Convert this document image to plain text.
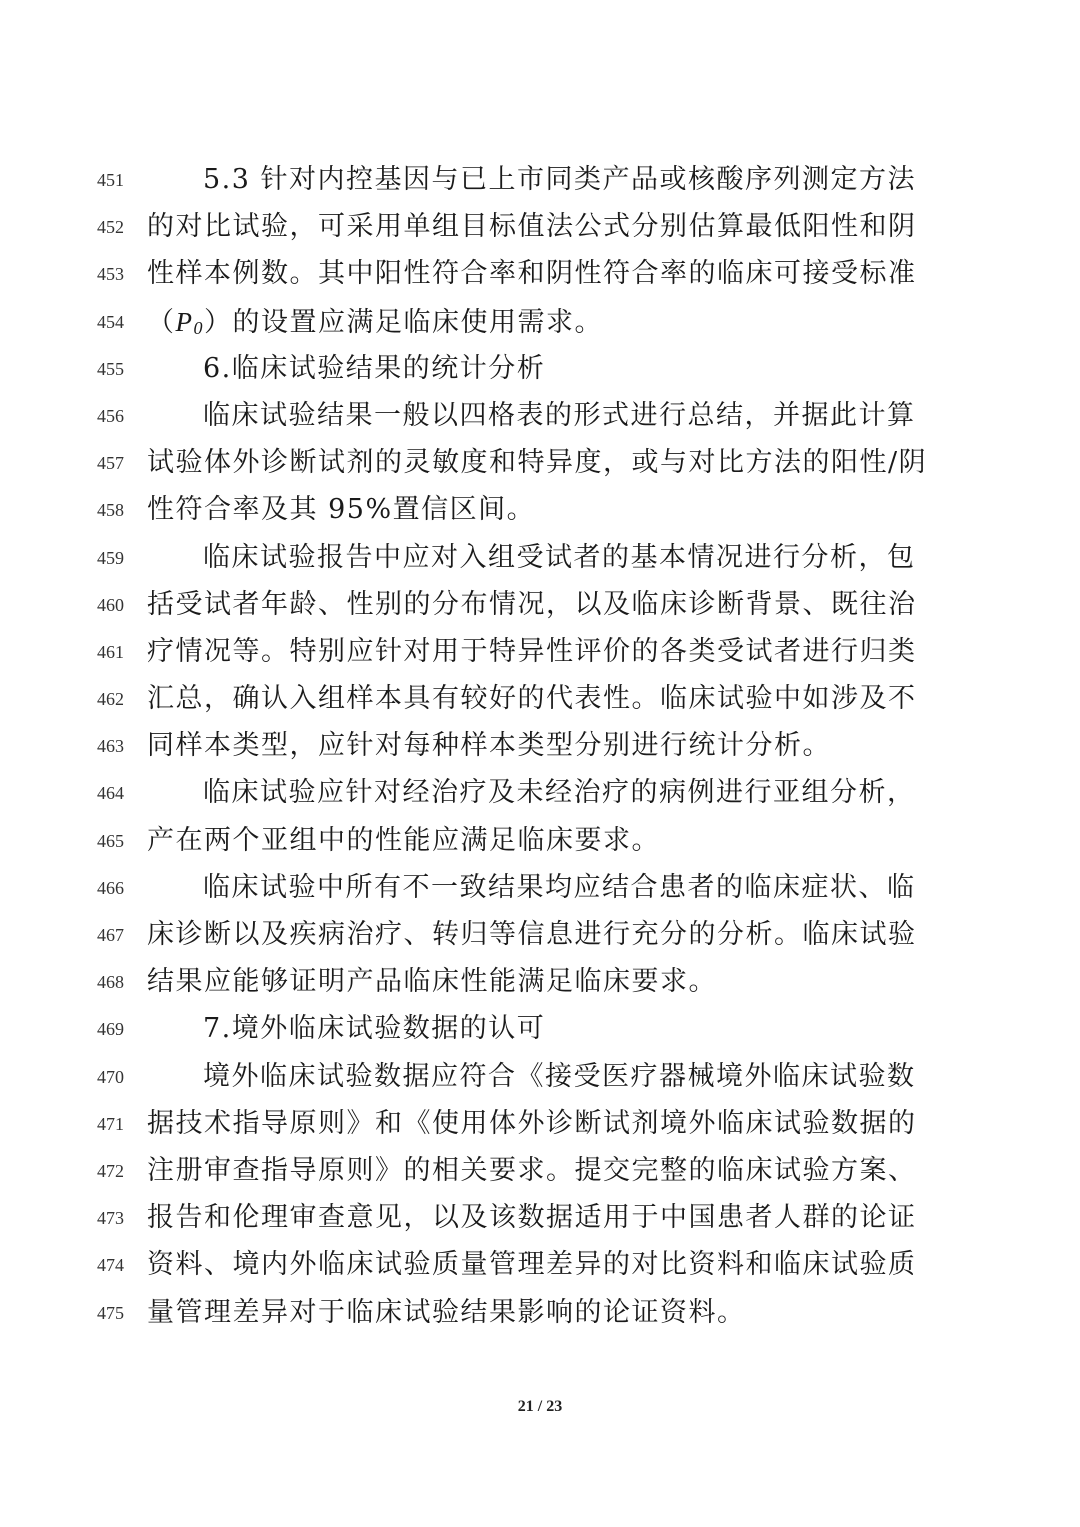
451	5.3 针对内控基因与已上市同类产品或核酸序列测定方法
452 的对比试验，可采用单组目标值法公式分别估算最低阳性和阴
453 性样本例数。其中阳性符合率和阴性符合率的临床可接受标准
454 （P0）的设置应满足临床使用需求。
455	6.临床试验结果的统计分析
456	临床试验结果一般以四格表的形式进行总结，并据此计算
457 试验体外诊断试剂的灵敏度和特异度，或与对比方法的阳性/阴
458 性符合率及其 95%置信区间。
459	临床试验报告中应对入组受试者的基本情况进行分析，包
460 括受试者年龄、性别的分布情况，以及临床诊断背景、既往治
461 疗情况等。特别应针对用于特异性评价的各类受试者进行归类
462 汇总，确认入组样本具有较好的代表性。临床试验中如涉及不
463 同样本类型，应针对每种样本类型分别进行统计分析。
464	临床试验应针对经治疗及未经治疗的病例进行亚组分析，
465 产在两个亚组中的性能应满足临床要求。
466	临床试验中所有不一致结果均应结合患者的临床症状、临
467 床诊断以及疾病治疗、转归等信息进行充分的分析。临床试验
468 结果应能够证明产品临床性能满足临床要求。
469	7.境外临床试验数据的认可
470	境外临床试验数据应符合《接受医疗器械境外临床试验数
471 据技术指导原则》和《使用体外诊断试剂境外临床试验数据的
472 注册审查指导原则》的相关要求。提交完整的临床试验方案、
473 报告和伦理审查意见，以及该数据适用于中国患者人群的论证
474 资料、境内外临床试验质量管理差异的对比资料和临床试验质
475 量管理差异对于临床试验结果影响的论证资料。
21 / 23
